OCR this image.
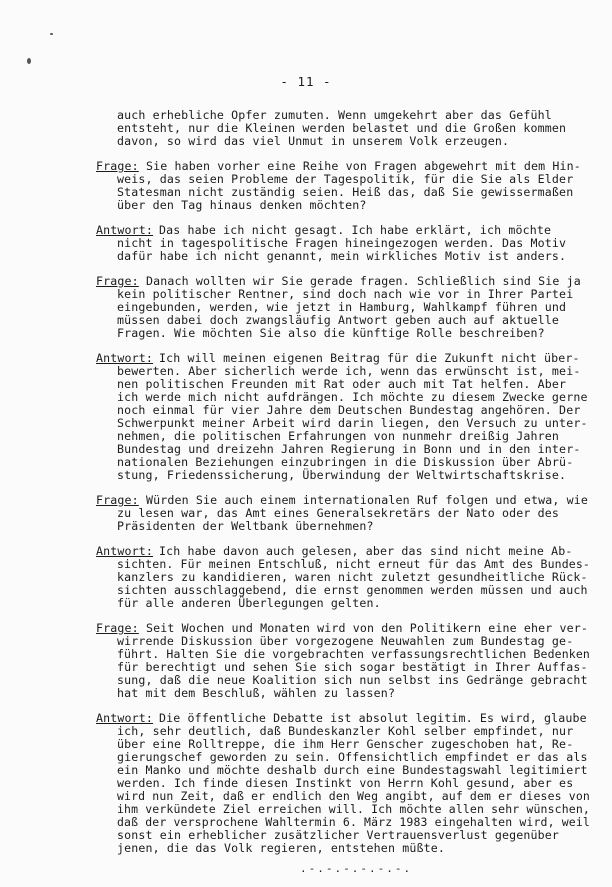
- 11 -
auch erhebliche Opfer zumuten. Wenn umgekehrt aber das Gefühl
entsteht, nur die Kleinen werden belastet und die Großen kommen
davon, so wird das viel Unmut in unserem Volk erzeugen.
Frage: Sie haben vorher eine Reihe von Fragen abgewehrt mit dem Hin-
weis, das seien Probleme der Tagespolitik, für die Sie als Elder
Statesman nicht zuständig seien. Heiß das, daß Sie gewissermaßen
über den Tag hinaus denken möchten?
Antwort: Das habe ich nicht gesagt. Ich habe erklärt, ich möchte
nicht in tagespolitische Fragen hineingezogen werden. Das Motiv
dafür habe ich nicht genannt, mein wirkliches Motiv ist anders.
Frage: Danach wollten wir Sie gerade fragen. Schließlich sind Sie ja
kein politischer Rentner, sind doch nach wie vor in Ihrer Partei
eingebunden, werden, wie jetzt in Hamburg, Wahlkampf führen und
müssen dabei doch zwangsläufig Antwort geben auch auf aktuelle
Fragen. Wie möchten Sie also die künftige Rolle beschreiben?
Antwort: Ich will meinen eigenen Beitrag für die Zukunft nicht über-
bewerten. Aber sicherlich werde ich, wenn das erwünscht ist, mei-
nen politischen Freunden mit Rat oder auch mit Tat helfen. Aber
ich werde mich nicht aufdrängen. Ich möchte zu diesem Zwecke gerne
noch einmal für vier Jahre dem Deutschen Bundestag angehören. Der
Schwerpunkt meiner Arbeit wird darin liegen, den Versuch zu unter-
nehmen, die politischen Erfahrungen von nunmehr dreißig Jahren
Bundestag und dreizehn Jahren Regierung in Bonn und in den inter-
nationalen Beziehungen einzubringen in die Diskussion über Abrü-
stung, Friedenssicherung, Überwindung der Weltwirtschaftskrise.
Frage: Würden Sie auch einem internationalen Ruf folgen und etwa, wie
zu lesen war, das Amt eines Generalsekretärs der Nato oder des
Präsidenten der Weltbank übernehmen?
Antwort: Ich habe davon auch gelesen, aber das sind nicht meine Ab-
sichten. Für meinen Entschluß, nicht erneut für das Amt des Bundes-
kanzlers zu kandidieren, waren nicht zuletzt gesundheitliche Rück-
sichten ausschlaggebend, die ernst genommen werden müssen und auch
für alle anderen Überlegungen gelten.
Frage: Seit Wochen und Monaten wird von den Politikern eine eher ver-
wirrende Diskussion über vorgezogene Neuwahlen zum Bundestag ge-
führt. Halten Sie die vorgebrachten verfassungsrechtlichen Bedenken
für berechtigt und sehen Sie sich sogar bestätigt in Ihrer Auffas-
sung, daß die neue Koalition sich nun selbst ins Gedränge gebracht
hat mit dem Beschluß, wählen zu lassen?
Antwort: Die öffentliche Debatte ist absolut legitim. Es wird, glaube
ich, sehr deutlich, daß Bundeskanzler Kohl selber empfindet, nur
über eine Rolltreppe, die ihm Herr Genscher zugeschoben hat, Re-
gierungschef geworden zu sein. Offensichtlich empfindet er das als
ein Manko und möchte deshalb durch eine Bundestagswahl legitimiert
werden. Ich finde diesen Instinkt von Herrn Kohl gesund, aber es
wird nun Zeit, daß er endlich den Weg angibt, auf dem er dieses von
ihm verkündete Ziel erreichen will. Ich möchte allen sehr wünschen,
daß der versprochene Wahltermin 6. März 1983 eingehalten wird, weil
sonst ein erheblicher zusätzlicher Vertrauensverlust gegenüber
jenen, die das Volk regieren, entstehen müßte.
.-.-.-.-.-.-.
